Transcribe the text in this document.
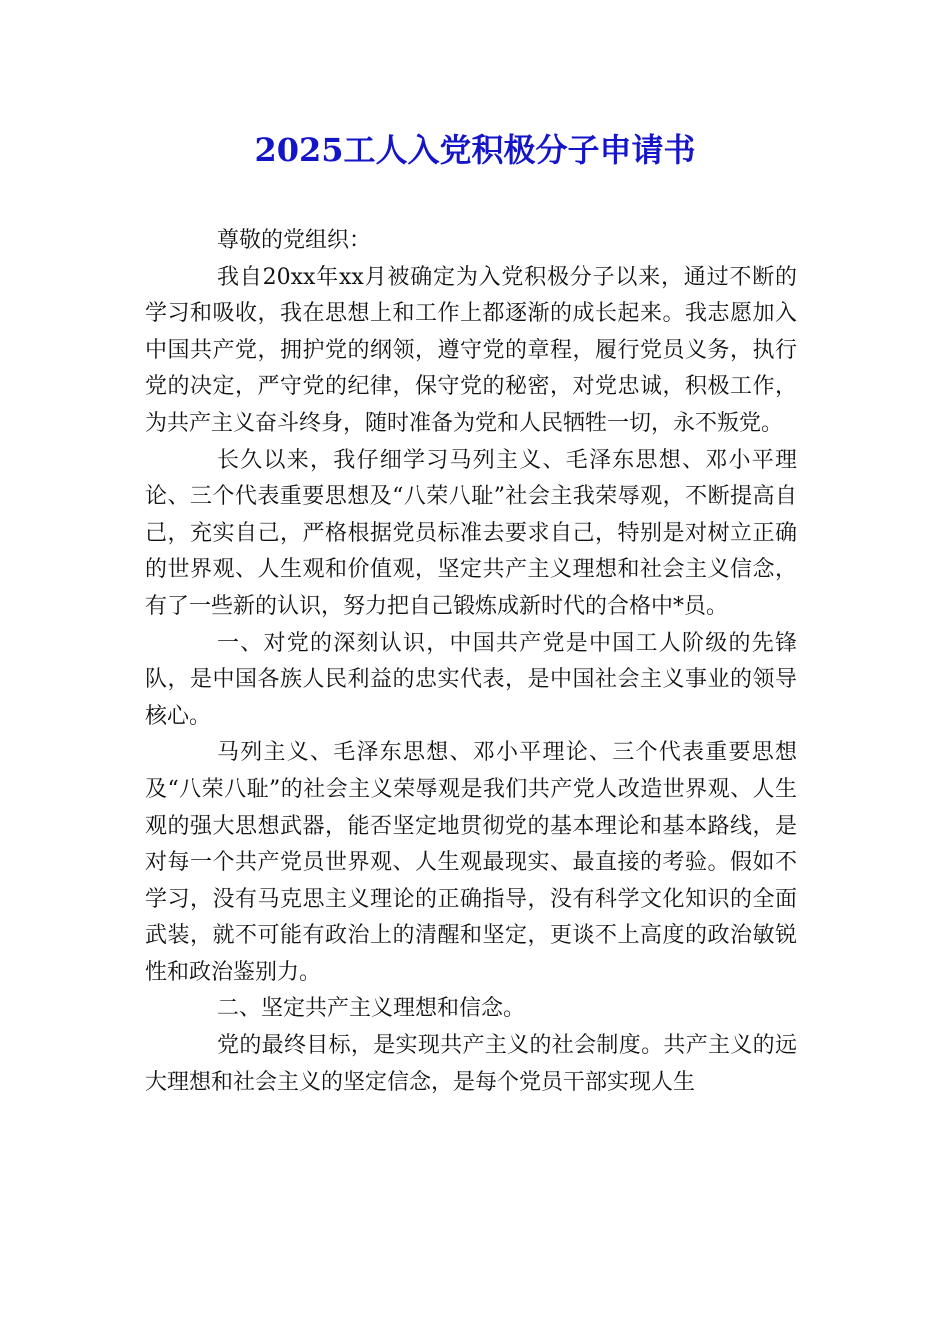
2025工人入党积极分子申请书

尊敬的党组织：

我自20xx年xx月被确定为入党积极分子以来，通过不断的学习和吸收，我在思想上和工作上都逐渐的成长起来。我志愿加入中国共产党，拥护党的纲领，遵守党的章程，履行党员义务，执行党的决定，严守党的纪律，保守党的秘密，对党忠诚，积极工作，为共产主义奋斗终身，随时准备为党和人民牺牲一切，永不叛党。

长久以来，我仔细学习马列主义、毛泽东思想、邓小平理论、三个代表重要思想及“八荣八耻”社会主我荣辱观，不断提高自己，充实自己，严格根据党员标准去要求自己，特别是对树立正确的世界观、人生观和价值观，坚定共产主义理想和社会主义信念，有了一些新的认识，努力把自己锻炼成新时代的合格中*员。

一、对党的深刻认识，中国共产党是中国工人阶级的先锋队，是中国各族人民利益的忠实代表，是中国社会主义事业的领导核心。

马列主义、毛泽东思想、邓小平理论、三个代表重要思想及“八荣八耻”的社会主义荣辱观是我们共产党人改造世界观、人生观的强大思想武器，能否坚定地贯彻党的基本理论和基本路线，是对每一个共产党员世界观、人生观最现实、最直接的考验。假如不学习，没有马克思主义理论的正确指导，没有科学文化知识的全面武装，就不可能有政治上的清醒和坚定，更谈不上高度的政治敏锐性和政治鉴别力。

二、坚定共产主义理想和信念。

党的最终目标，是实现共产主义的社会制度。共产主义的远大理想和社会主义的坚定信念，是每个党员干部实现人生
